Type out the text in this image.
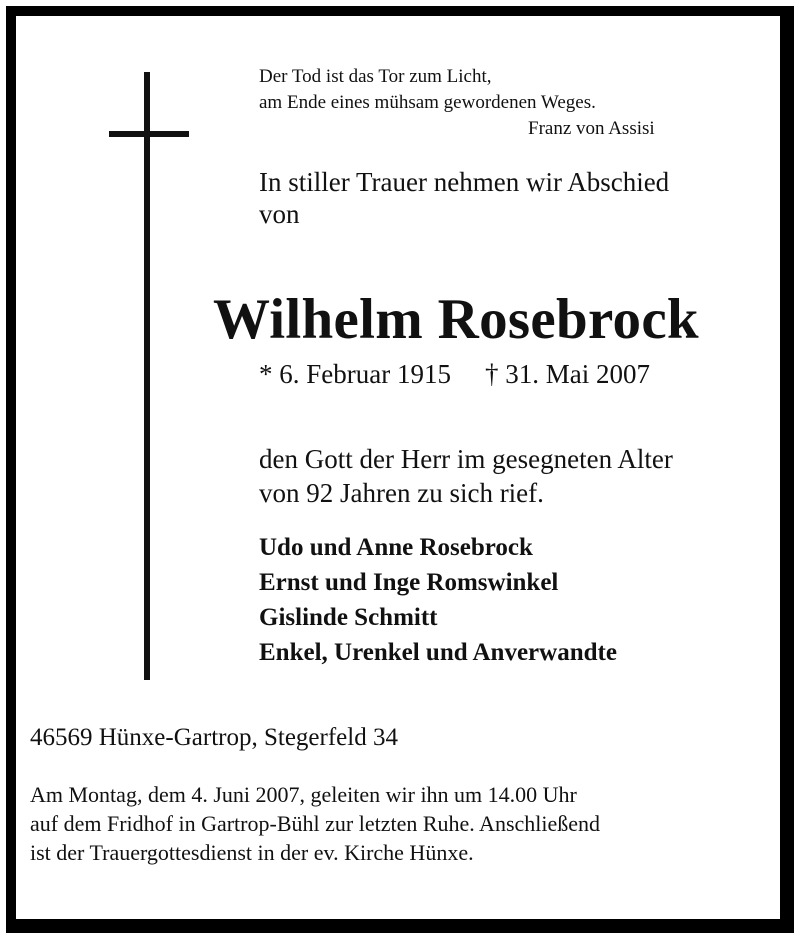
Der Tod ist das Tor zum Licht,
am Ende eines mühsam gewordenen Weges.
Franz von Assisi
In stiller Trauer nehmen wir Abschied
von
Wilhelm Rosebrock
* 6. Februar 1915 † 31. Mai 2007
den Gott der Herr im gesegneten Alter
von 92 Jahren zu sich rief.
Udo und Anne Rosebrock
Ernst und Inge Romswinkel
Gislinde Schmitt
Enkel, Urenkel und Anverwandte
46569 Hünxe-Gartrop, Stegerfeld 34
Am Montag, dem 4. Juni 2007, geleiten wir ihn um 14.00 Uhr
auf dem Fridhof in Gartrop-Bühl zur letzten Ruhe. Anschließend
ist der Trauergottesdienst in der ev. Kirche Hünxe.
